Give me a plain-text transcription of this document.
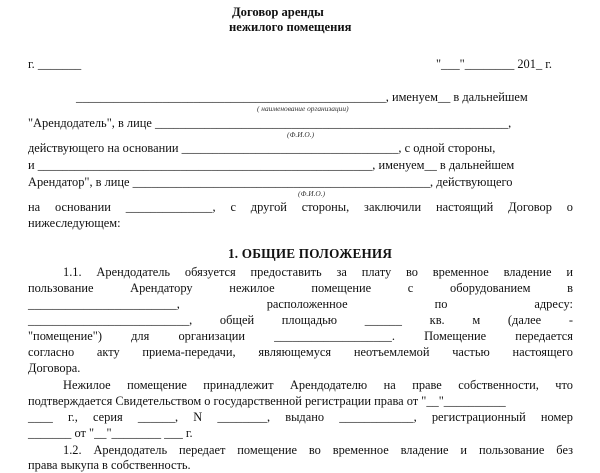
Договор аренды
нежилого помещения
г. _______	"___"________ 201_ г.
__________________________________________________, именуем__ в дальнейшем
( наименование организации)
"Арендодатель", в лице _________________________________________________________,
(Ф.И.О.)
действующего на основании ___________________________________, с одной стороны,
и ______________________________________________________, именуем__ в дальнейшем
Арендатор", в лице ________________________________________________, действующего
(Ф.И.О.)
на основании ______________, с другой стороны, заключили настоящий Договор о
нижеследующем:
1. ОБЩИЕ ПОЛОЖЕНИЯ
1.1. Арендодатель обязуется предоставить за плату во временное владение и
пользование Арендатору нежилое помещение с оборудованием в
________________________, расположенное по адресу:
__________________________, общей площадью ______ кв. м (далее -
"помещение") для организации ___________________. Помещение передается
согласно акту приема-передачи, являющемуся неотъемлемой частью настоящего
Договора.
Нежилое помещение принадлежит Арендодателю на праве собственности, что
подтверждается Свидетельством о государственной регистрации права от "__"__________
____ г., серия ______, N ________, выдано ____________, регистрационный номер
_______ от "__"________ ___ г.
1.2. Арендодатель передает помещение во временное владение и пользование без
права выкупа в собственность.
